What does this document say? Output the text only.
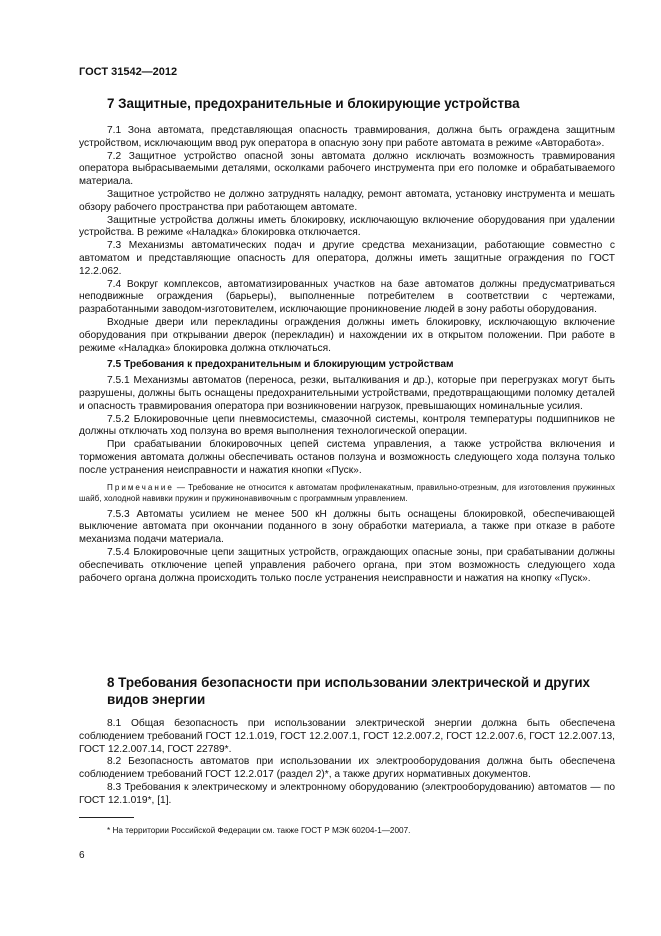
ГОСТ 31542—2012
7 Защитные, предохранительные и блокирующие устройства

7.1 Зона автомата, представляющая опасность травмирования, должна быть ограждена защитным устройством, исключающим ввод рук оператора в опасную зону при работе автомата в режиме «Авторабота».

7.2 Защитное устройство опасной зоны автомата должно исключать возможность травмирования оператора выбрасываемыми деталями, осколками рабочего инструмента при его поломке и обрабатываемого материала.

Защитное устройство не должно затруднять наладку, ремонт автомата, установку инструмента и мешать обзору рабочего пространства при работающем автомате.

Защитные устройства должны иметь блокировку, исключающую включение оборудования при удалении устройства. В режиме «Наладка» блокировка отключается.

7.3 Механизмы автоматических подач и другие средства механизации, работающие совместно с автоматом и представляющие опасность для оператора, должны иметь защитные ограждения по ГОСТ 12.2.062.

7.4 Вокруг комплексов, автоматизированных участков на базе автоматов должны предусматриваться неподвижные ограждения (барьеры), выполненные потребителем в соответствии с чертежами, разработанными заводом-изготовителем, исключающие проникновение людей в зону работы оборудования.

Входные двери или перекладины ограждения должны иметь блокировку, исключающую включение оборудования при открывании дверок (перекладин) и нахождении их в открытом положении. При работе в режиме «Наладка» блокировка должна отключаться.

7.5 Требования к предохранительным и блокирующим устройствам

7.5.1 Механизмы автоматов (переноса, резки, выталкивания и др.), которые при перегрузках могут быть разрушены, должны быть оснащены предохранительными устройствами, предотвращающими поломку деталей и опасность травмирования оператора при возникновении нагрузок, превышающих номинальные усилия.

7.5.2 Блокировочные цепи пневмосистемы, смазочной системы, контроля температуры подшипников не должны отключать ход ползуна во время выполнения технологической операции.

При срабатывании блокировочных цепей система управления, а также устройства включения и торможения автомата должны обеспечивать останов ползуна и возможность следующего хода ползуна только после устранения неисправности и нажатия кнопки «Пуск».

Примечание — Требование не относится к автоматам профиленакатным, правильно-отрезным, для изготовления пружинных шайб, холодной навивки пружин и пружинонавивочным с программным управлением.

7.5.3 Автоматы усилием не менее 500 кН должны быть оснащены блокировкой, обеспечивающей выключение автомата при окончании поданного в зону обработки материала, а также при отказе в работе механизма подачи материала.

7.5.4 Блокировочные цепи защитных устройств, ограждающих опасные зоны, при срабатывании должны обеспечивать отключение цепей управления рабочего органа, при этом возможность следующего хода рабочего органа должна происходить только после устранения неисправности и нажатия на кнопку «Пуск».

8 Требования безопасности при использовании электрической и других видов энергии

8.1 Общая безопасность при использовании электрической энергии должна быть обеспечена соблюдением требований ГОСТ 12.1.019, ГОСТ 12.2.007.1, ГОСТ 12.2.007.2, ГОСТ 12.2.007.6, ГОСТ 12.2.007.13, ГОСТ 12.2.007.14, ГОСТ 22789*.

8.2 Безопасность автоматов при использовании их электрооборудования должна быть обеспечена соблюдением требований ГОСТ 12.2.017 (раздел 2)*, а также других нормативных документов.

8.3 Требования к электрическому и электронному оборудованию (электрооборудованию) автоматов — по ГОСТ 12.1.019*, [1].

* На территории Российской Федерации см. также ГОСТ Р МЭК 60204-1—2007.
6
